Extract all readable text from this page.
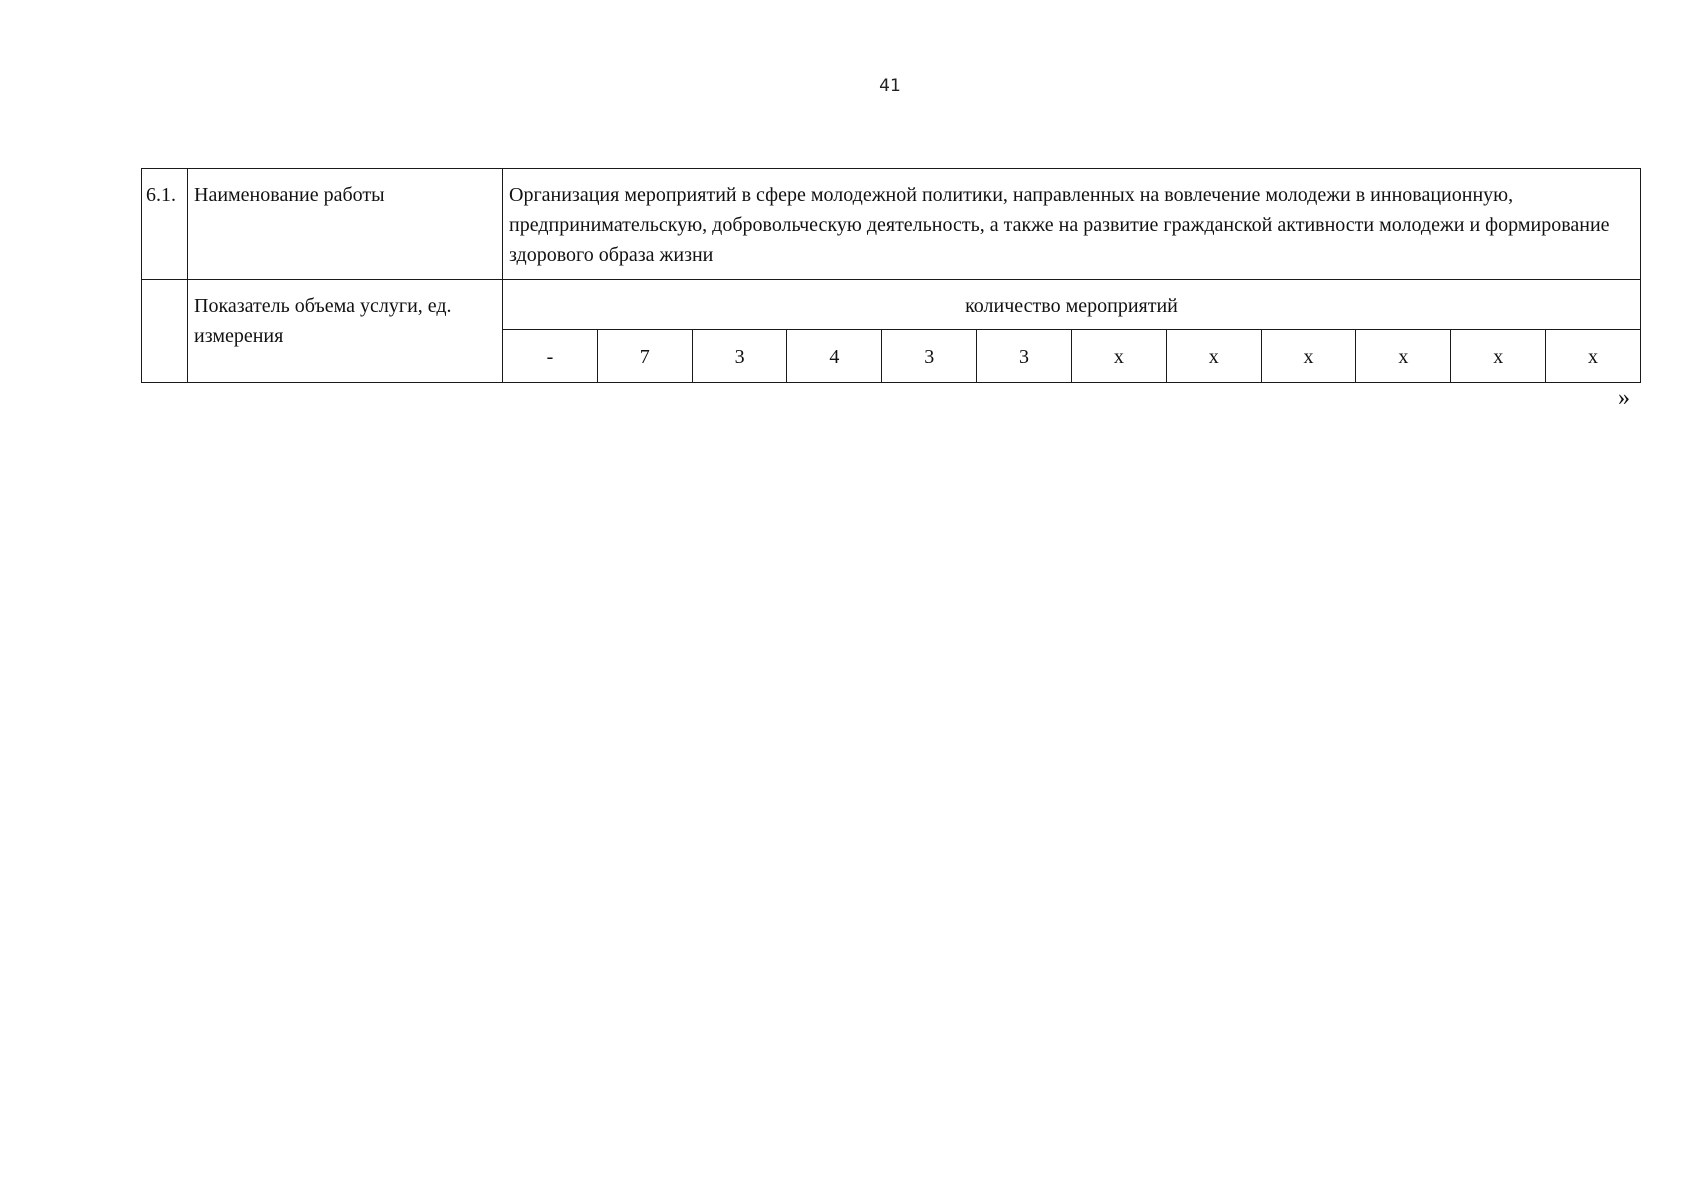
41
6.1.	Наименование работы	Организация мероприятий в сфере молодежной политики, направленных на вовлечение молодежи в инновационную, предпринимательскую, добровольческую деятельность, а также на развитие гражданской активности молодежи и формирование здорового образа жизни											

	Показатель объема услуги, ед. измерения	количество мероприятий											

		-	7	3	4	3	3	x	x	x	x	x	x
»
